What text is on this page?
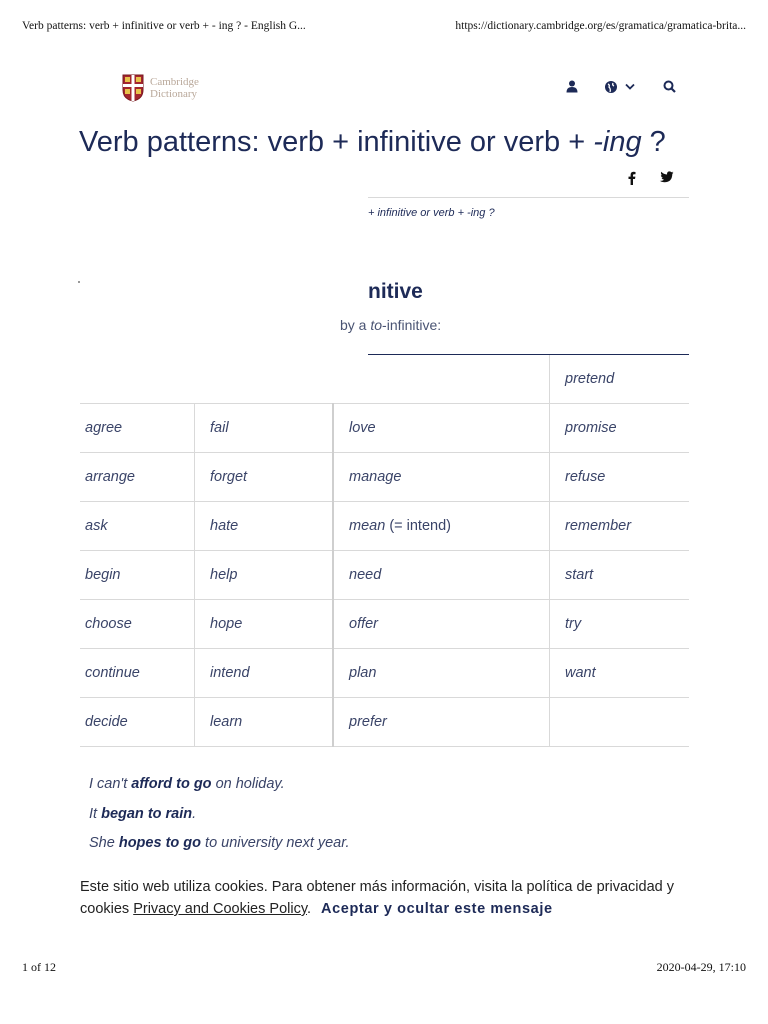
Verb patterns: verb + infinitive or verb + - ing ? - English G...	https://dictionary.cambridge.org/es/gramatica/gramatica-brita...
Cambridge
Dictionary
Verb patterns: verb + infinitive or verb + -ing ?
+ infinitive or verb + -ing ?
nitive
by a to-infinitive:
			pretend
agree	fail	love	promise
arrange	forget	manage	refuse
ask	hate	mean (= intend)	remember
begin	help	need	start
choose	hope	offer	try
continue	intend	plan	want
decide	learn	prefer	
I can't afford to go on holiday.
It began to rain.
She hopes to go to university next year.
Este sitio web utiliza cookies. Para obtener más información, visita la política de privacidad y cookies Privacy and Cookies Policy. Aceptar y ocultar este mensaje
1 of 12	2020-04-29, 17:10
